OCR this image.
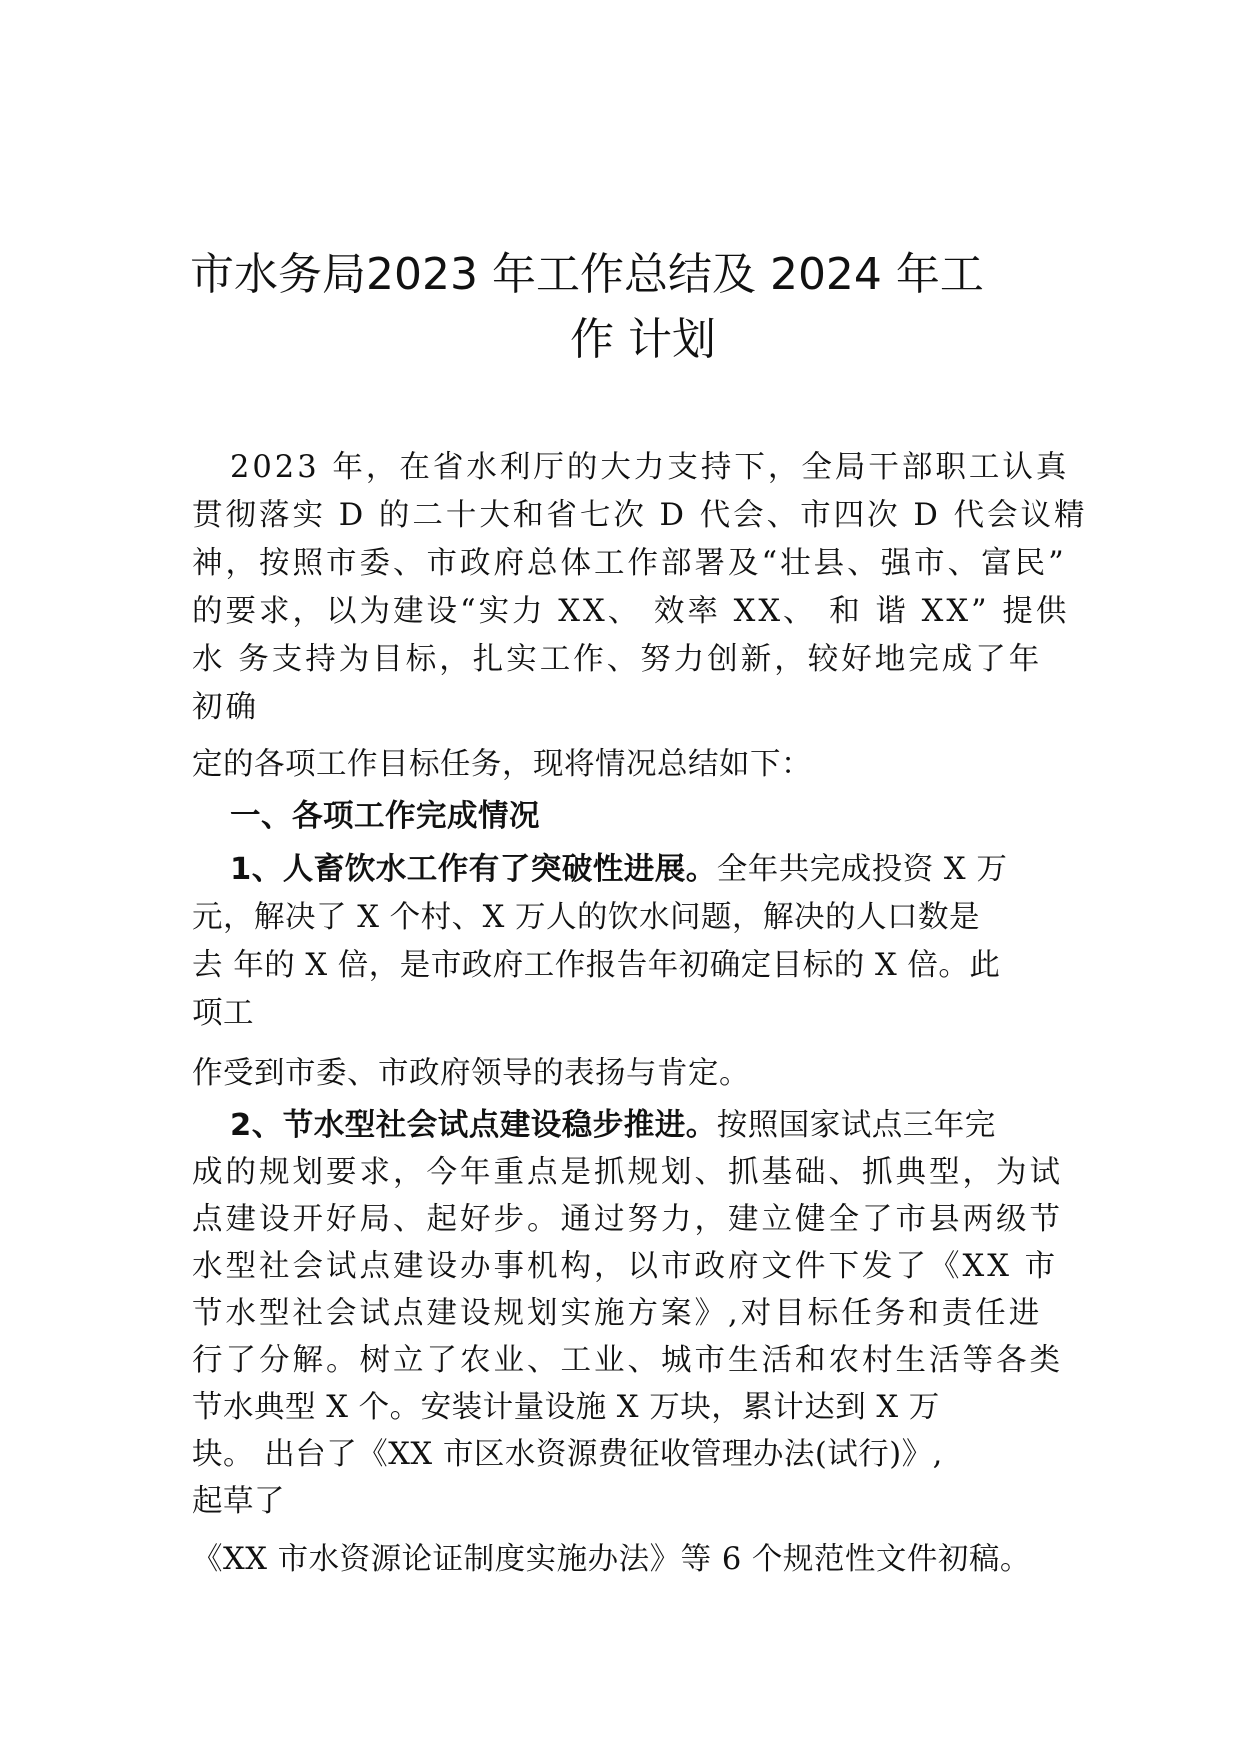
市水务局2023 年工作总结及 2024 年工
作 计划
2023 年，在省水利厅的大力支持下，全局干部职工认真
贯彻落实 D 的二十大和省七次 D 代会、市四次 D 代会议精
神，按照市委、市政府总体工作部署及“壮县、强市、富民”
的要求，以为建设“实力 XX、 效率 XX、 和 谐 XX” 提供
水 务支持为目标，扎实工作、努力创新，较好地完成了年
初确
定的各项工作目标任务，现将情况总结如下：
一、各项工作完成情况
1、人畜饮水工作有了突破性进展。全年共完成投资 X 万
元，解决了 X 个村、X 万人的饮水问题，解决的人口数是
去 年的 X 倍，是市政府工作报告年初确定目标的 X 倍。此
项工
作受到市委、市政府领导的表扬与肯定。
2、节水型社会试点建设稳步推进。按照国家试点三年完
成的规划要求，今年重点是抓规划、抓基础、抓典型，为试
点建设开好局、起好步。通过努力，建立健全了市县两级节
水型社会试点建设办事机构，以市政府文件下发了《XX 市
节水型社会试点建设规划实施方案》,对目标任务和责任进
行了分解。树立了农业、工业、城市生活和农村生活等各类
节水典型 X 个。安装计量设施 X 万块，累计达到 X 万
块。 出台了《XX 市区水资源费征收管理办法(试行)》,
起草了
《XX 市水资源论证制度实施办法》等 6 个规范性文件初稿。
